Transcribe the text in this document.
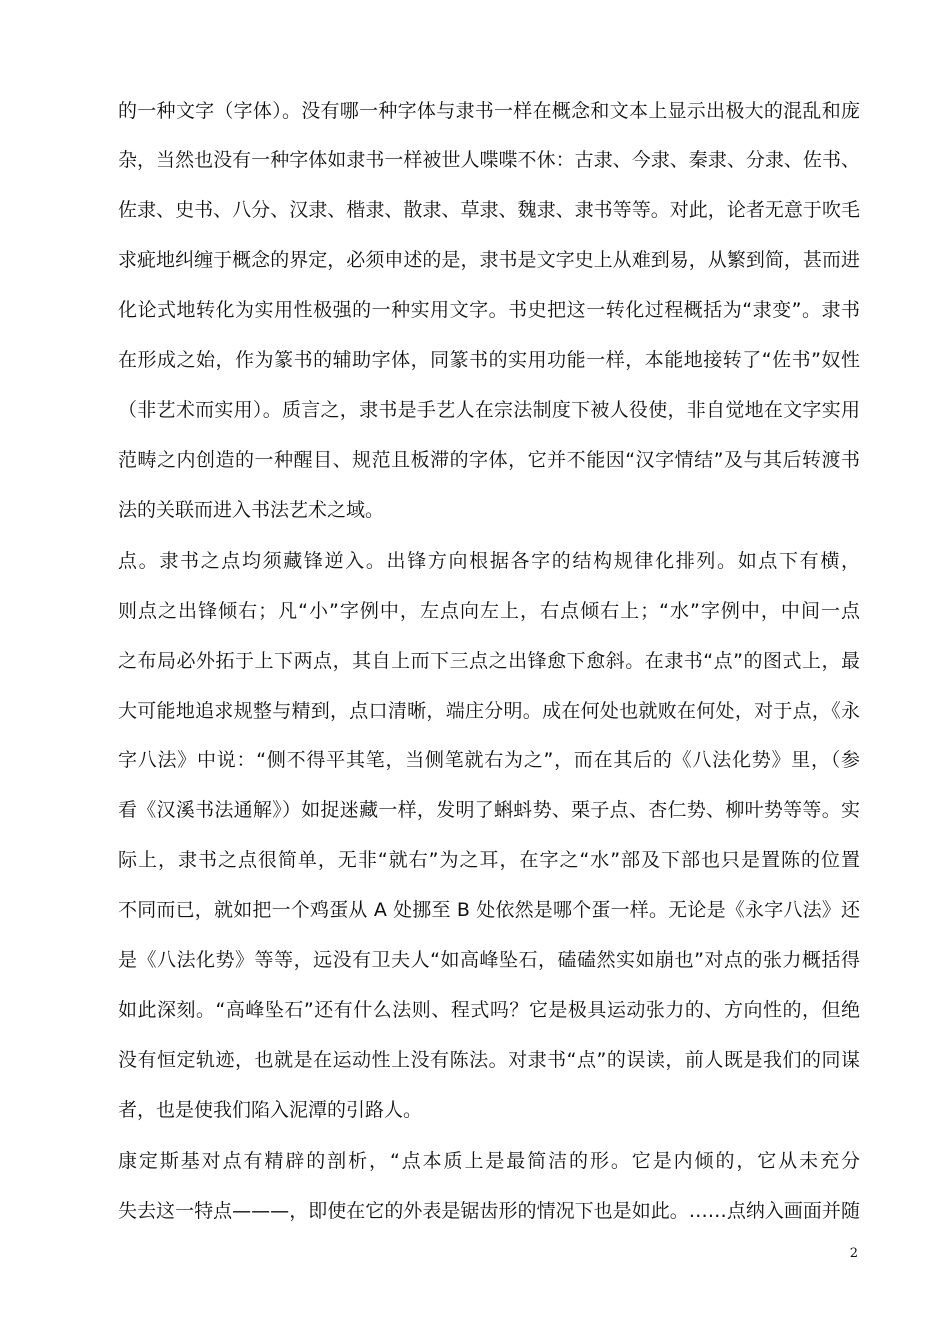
的一种文字（字体）。没有哪一种字体与隶书一样在概念和文本上显示出极大的混乱和庞
杂，当然也没有一种字体如隶书一样被世人喋喋不休：古隶、今隶、秦隶、分隶、佐书、
佐隶、史书、八分、汉隶、楷隶、散隶、草隶、魏隶、隶书等等。对此，论者无意于吹毛
求疵地纠缠于概念的界定，必须申述的是，隶书是文字史上从难到易，从繁到简，甚而进
化论式地转化为实用性极强的一种实用文字。书史把这一转化过程概括为“隶变”。隶书
在形成之始，作为篆书的辅助字体，同篆书的实用功能一样，本能地接转了“佐书”奴性
（非艺术而实用）。质言之，隶书是手艺人在宗法制度下被人役使，非自觉地在文字实用
范畴之内创造的一种醒目、规范且板滞的字体，它并不能因“汉字情结”及与其后转渡书
法的关联而进入书法艺术之域。
点。隶书之点均须藏锋逆入。出锋方向根据各字的结构规律化排列。如点下有横，
则点之出锋倾右；凡“小”字例中，左点向左上，右点倾右上；“水”字例中，中间一点
之布局必外拓于上下两点，其自上而下三点之出锋愈下愈斜。在隶书“点”的图式上，最
大可能地追求规整与精到，点口清晰，端庄分明。成在何处也就败在何处，对于点，《永
字八法》中说：“侧不得平其笔，当侧笔就右为之”，而在其后的《八法化势》里，（参
看《汉溪书法通解》）如捉迷藏一样，发明了蝌蚪势、栗子点、杏仁势、柳叶势等等。实
际上，隶书之点很简单，无非“就右”为之耳，在字之“水”部及下部也只是置陈的位置
不同而已，就如把一个鸡蛋从 A 处挪至 B 处依然是哪个蛋一样。无论是《永字八法》还
是《八法化势》等等，远没有卫夫人“如高峰坠石，磕磕然实如崩也”对点的张力概括得
如此深刻。“高峰坠石”还有什么法则、程式吗？它是极具运动张力的、方向性的，但绝
没有恒定轨迹，也就是在运动性上没有陈法。对隶书“点”的误读，前人既是我们的同谋
者，也是使我们陷入泥潭的引路人。
康定斯基对点有精辟的剖析，“点本质上是最简洁的形。它是内倾的，它从未充分
失去这一特点———，即使在它的外表是锯齿形的情况下也是如此。……点纳入画面并随
2
